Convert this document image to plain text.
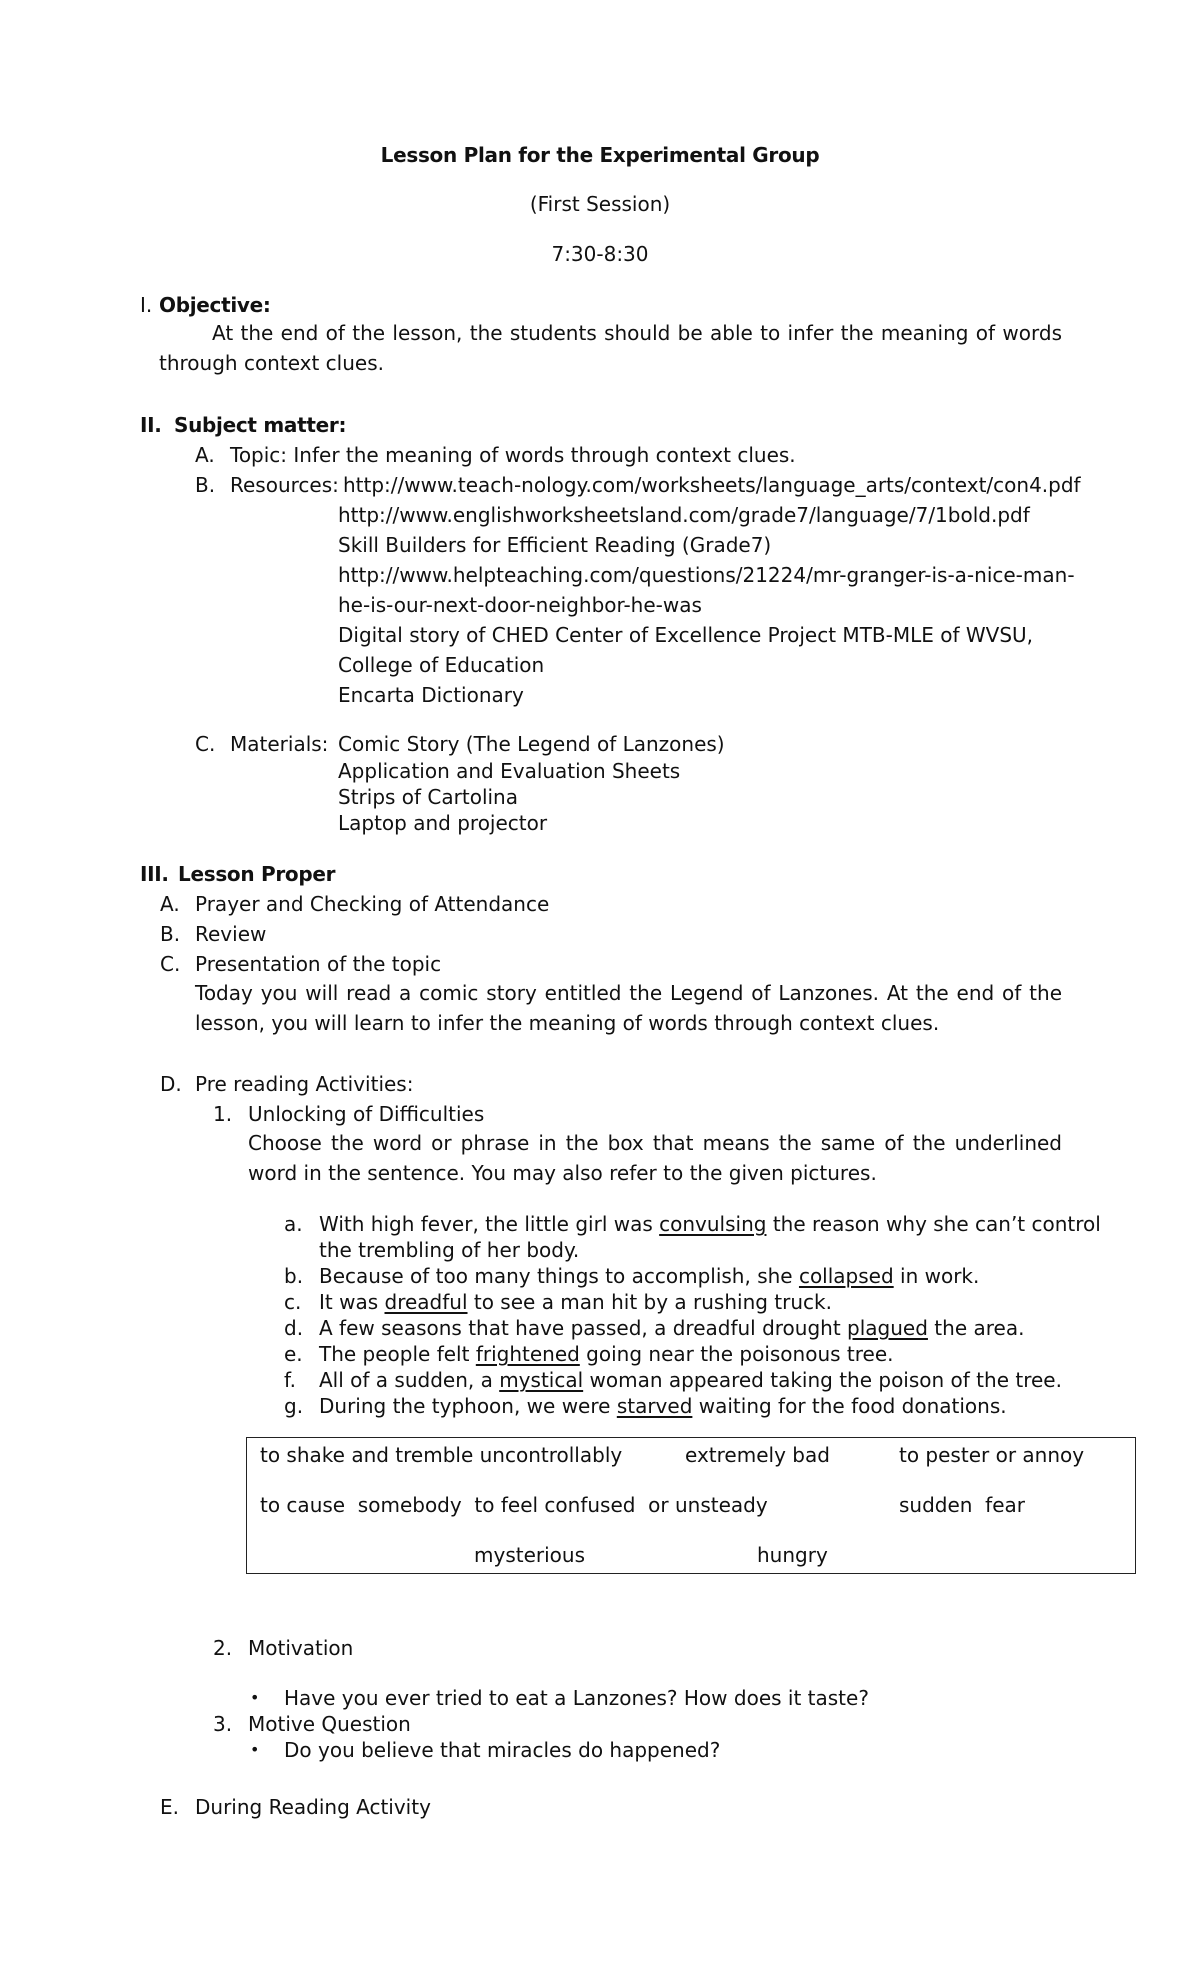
Lesson Plan for the Experimental Group
(First Session)
7:30-8:30
I. Objective:
At the end of the lesson, the students should be able to infer the meaning of words through context clues.
II. Subject matter:
A. Topic: Infer the meaning of words through context clues.
B. Resources: http://www.teach-nology.com/worksheets/language_arts/context/con4.pdf
http://www.englishworksheetsland.com/grade7/language/7/1bold.pdf
Skill Builders for Efficient Reading (Grade7)
http://www.helpteaching.com/questions/21224/mr-granger-is-a-nice-man-
he-is-our-next-door-neighbor-he-was
Digital story of CHED Center of Excellence Project MTB-MLE of WVSU,
College of Education
Encarta Dictionary
C. Materials: Comic Story (The Legend of Lanzones)
Application and Evaluation Sheets
Strips of Cartolina
Laptop and projector
III. Lesson Proper
A. Prayer and Checking of Attendance
B. Review
C. Presentation of the topic
Today you will read a comic story entitled the Legend of Lanzones. At the end of the lesson, you will learn to infer the meaning of words through context clues.
D. Pre reading Activities:
1. Unlocking of Difficulties
Choose the word or phrase in the box that means the same of the underlined word in the sentence. You may also refer to the given pictures.
a. With high fever, the little girl was convulsing the reason why she can’t control
the trembling of her body.
b. Because of too many things to accomplish, she collapsed in work.
c. It was dreadful to see a man hit by a rushing truck.
d. A few seasons that have passed, a dreadful drought plagued the area.
e. The people felt frightened going near the poisonous tree.
f. All of a sudden, a mystical woman appeared taking the poison of the tree.
g. During the typhoon, we were starved waiting for the food donations.
to shake and tremble uncontrollably	extremely bad	to pester or annoy
to cause  somebody  to feel confused  or unsteady	sudden  fear
mysterious	hungry
2. Motivation
• Have you ever tried to eat a Lanzones? How does it taste?
3. Motive Question
• Do you believe that miracles do happened?
E. During Reading Activity
